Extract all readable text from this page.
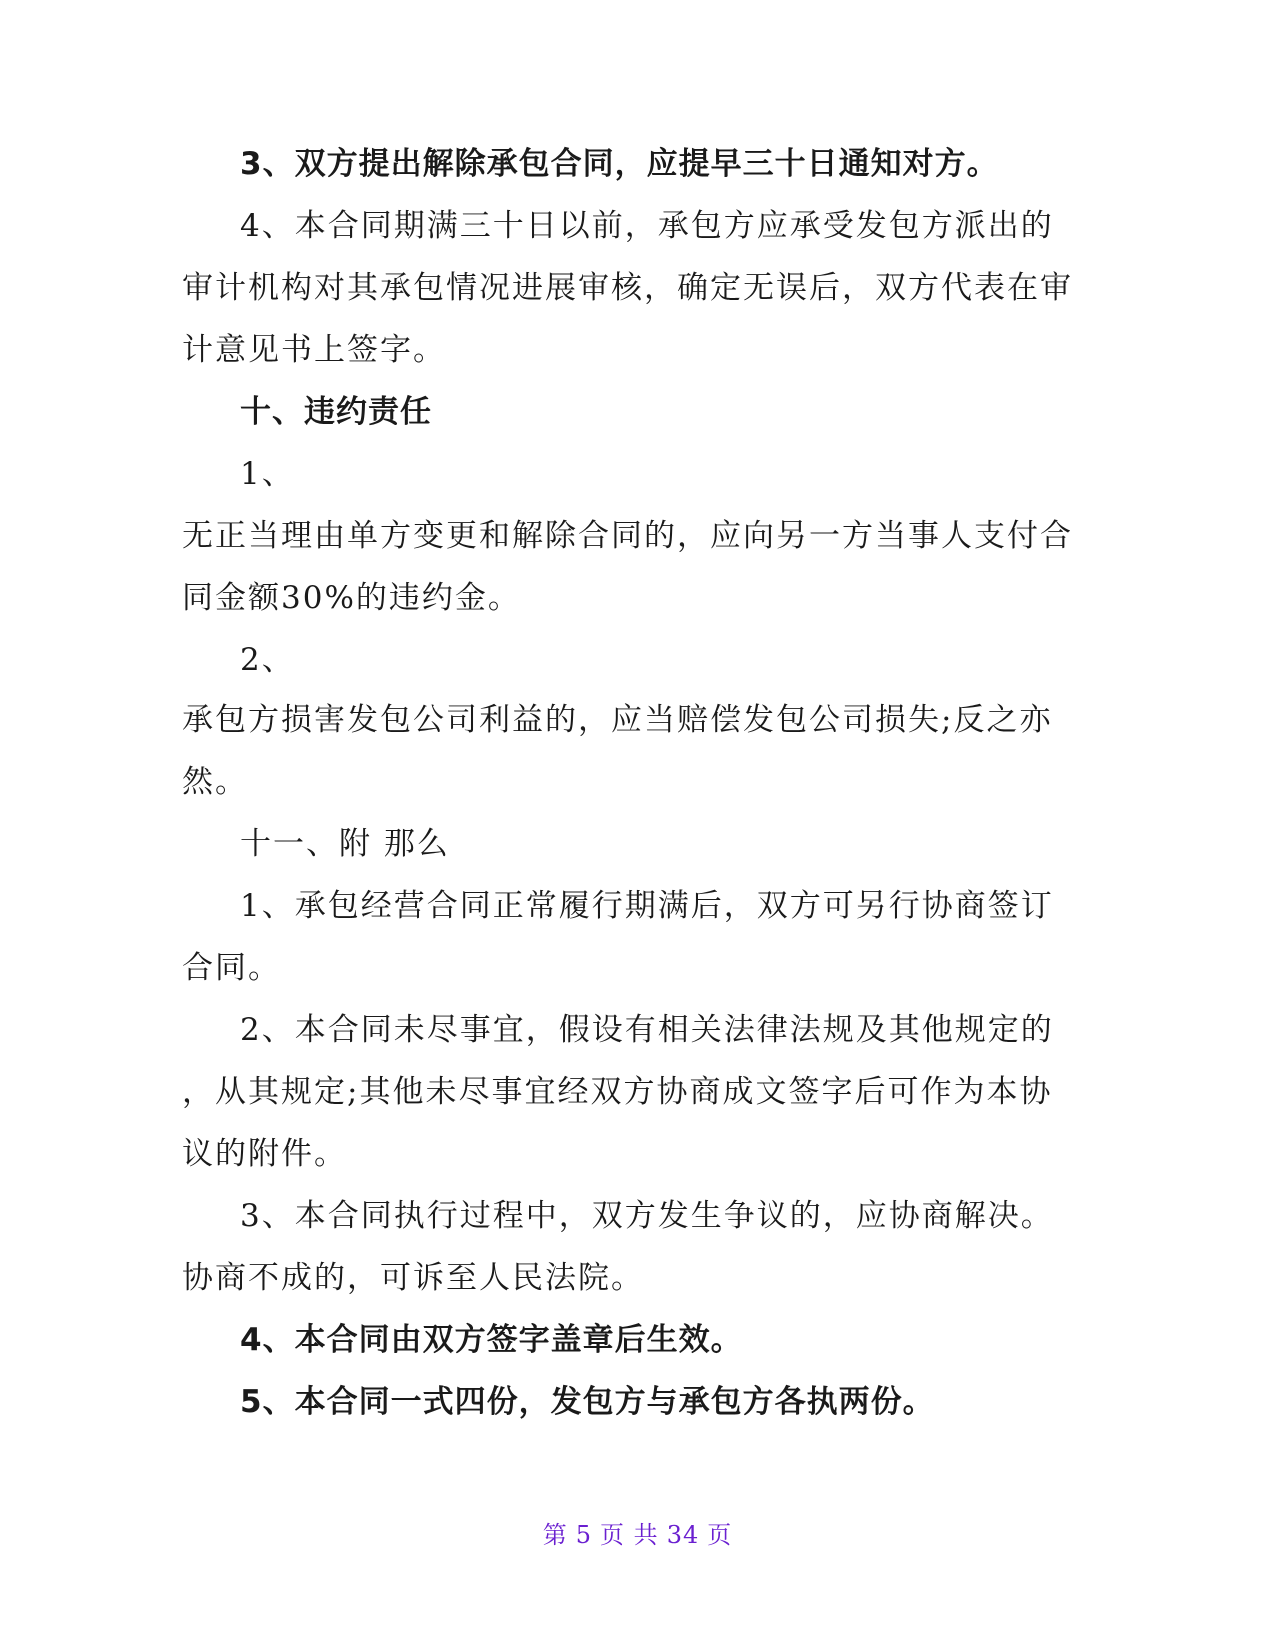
3、双方提出解除承包合同，应提早三十日通知对方。
4、本合同期满三十日以前，承包方应承受发包方派出的
审计机构对其承包情况进展审核，确定无误后，双方代表在审
计意见书上签字。
十、违约责任
1、
无正当理由单方变更和解除合同的，应向另一方当事人支付合
同金额30%的违约金。
2、
承包方损害发包公司利益的，应当赔偿发包公司损失;反之亦
然。
十一、附 那么
1、承包经营合同正常履行期满后，双方可另行协商签订
合同。
2、本合同未尽事宜，假设有相关法律法规及其他规定的
，从其规定;其他未尽事宜经双方协商成文签字后可作为本协
议的附件。
3、本合同执行过程中，双方发生争议的，应协商解决。
协商不成的，可诉至人民法院。
4、本合同由双方签字盖章后生效。
5、本合同一式四份，发包方与承包方各执两份。
第 5 页 共 34 页
